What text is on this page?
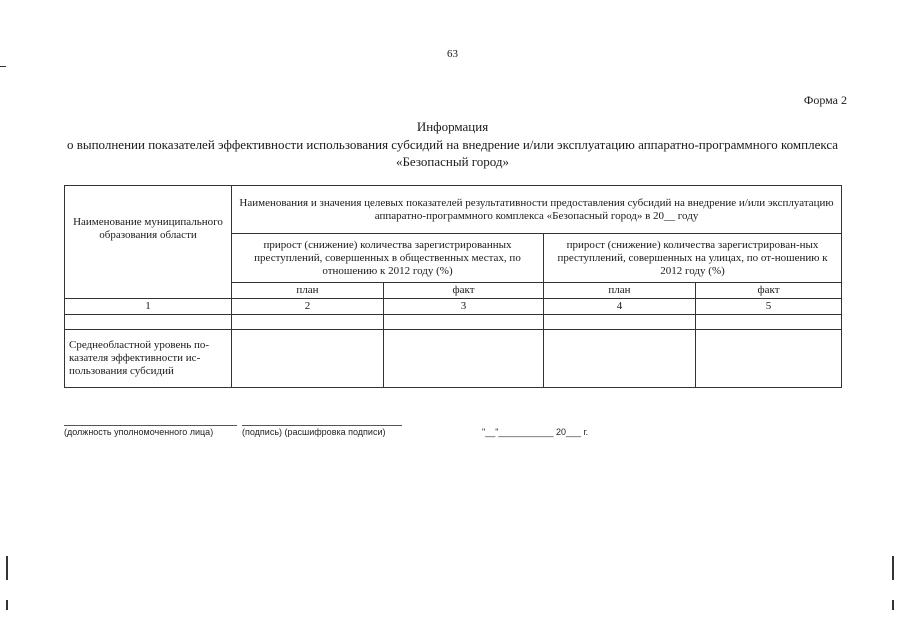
63
Форма 2
Информация
о выполнении показателей эффективности использования субсидий на внедрение и/или эксплуатацию аппаратно-программного комплекса «Безопасный город»
Наименование муниципального образования области	Наименования и значения целевых показателей результативности предоставления субсидий на внедрение и/или эксплуатацию аппаратно-программного комплекса «Безопасный город» в 20__ году			
	прирост (снижение) количества зарегистрированных преступлений, совершенных в общественных местах, по отношению к 2012 году (%)		прирост (снижение) количества зарегистрирован-ных преступлений, совершенных на улицах, по от-ношению к 2012 году (%)	
	план	факт	план	факт
1	2	3	4	5

Среднеобластной уровень по-казателя эффективности ис-пользования субсидий				
(должность уполномоченного лица)	(подпись) (расшифровка подписи)	"__"___________ 20___ г.
